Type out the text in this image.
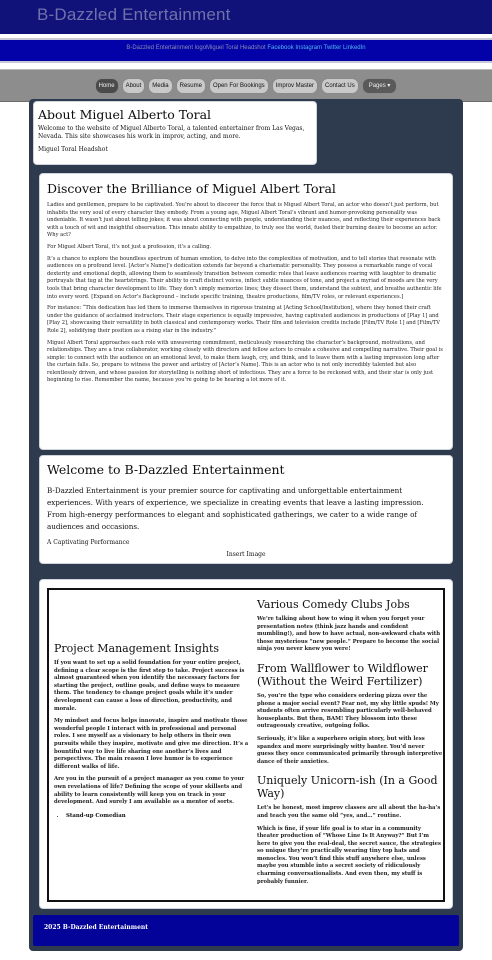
B-Dazzled Entertainment
B-Dazzled Entertainment logoMiguel Toral Headshot Facebook Instagram Twitter LinkedIn
Home	About	Media	Resume	Open For Bookings	Improv Master	Contact Us	Pages ▾
About Miguel Alberto Toral

Welcome to the website of Miguel Alberto Toral, a talented entertainer from Las Vegas, Nevada. This site showcases his work in improv, acting, and more.

Miguel Toral Headshot

Discover the Brilliance of Miguel Albert Toral

Ladies and gentlemen, prepare to be captivated. You’re about to discover the force that is Miguel Albert Toral, an actor who doesn’t just perform, but inhabits the very soul of every character they embody. From a young age, Miguel Albert Toral’s vibrant and humor-provoking personality was undeniable. It wasn’t just about telling jokes; it was about connecting with people, understanding their nuances, and reflecting their experiences back with a touch of wit and insightful observation. This innate ability to empathize, to truly see the world, fueled their burning desire to become an actor. Why act?

For Miguel Albert Toral, it’s not just a profession, it’s a calling.

It’s a chance to explore the boundless spectrum of human emotion, to delve into the complexities of motivation, and to tell stories that resonate with audiences on a profound level. [Actor’s Name]’s dedication extends far beyond a charismatic personality. They possess a remarkable range of vocal dexterity and emotional depth, allowing them to seamlessly transition between comedic roles that leave audiences roaring with laughter to dramatic portrayals that tug at the heartstrings. Their ability to craft distinct voices, inflect subtle nuances of tone, and project a myriad of moods are the very tools that bring character development to life. They don’t simply memorize lines; they dissect them, understand the subtext, and breathe authentic life into every word. [Expand on Actor’s Background – include specific training, theatre productions, film/TV roles, or relevant experiences.]

For instance: “This dedication has led them to immerse themselves in rigorous training at [Acting School/Institution], where they honed their craft under the guidance of acclaimed instructors. Their stage experience is equally impressive, having captivated audiences in productions of [Play 1] and [Play 2], showcasing their versatility in both classical and contemporary works. Their film and television credits include [Film/TV Role 1] and [Film/TV Role 2], solidifying their position as a rising star in the industry.”

Miguel Albert Toral approaches each role with unwavering commitment, meticulously researching the character’s background, motivations, and relationships. They are a true collaborator, working closely with directors and fellow actors to create a cohesive and compelling narrative. Their goal is simple: to connect with the audience on an emotional level, to make them laugh, cry, and think, and to leave them with a lasting impression long after the curtain falls. So, prepare to witness the power and artistry of [Actor’s Name]. This is an actor who is not only incredibly talented but also relentlessly driven, and whose passion for storytelling is nothing short of infectious. They are a force to be reckoned with, and their star is only just beginning to rise. Remember the name, because you’re going to be hearing a lot more of it.

Welcome to B-Dazzled Entertainment

B-Dazzled Entertainment is your premier source for captivating and unforgettable entertainment experiences. With years of experience, we specialize in creating events that leave a lasting impression. From high-energy performances to elegant and sophisticated gatherings, we cater to a wide range of audiences and occasions.

A Captivating Performance

Insert Image

Project Management Insights

If you want to set up a solid foundation for your entire project, defining a clear scope is the first step to take. Project success is almost guaranteed when you identify the necessary factors for starting the project, outline goals, and define ways to measure them. The tendency to change project goals while it’s under development can cause a loss of direction, productivity, and morale.

My mindset and focus helps innovate, inspire and motivate those wonderful people I interact with in professional and personal roles. I see myself as a visionary to help others in their own pursuits while they inspire, motivate and give me direction. It’s a bountiful way to live life sharing one another’s lives and perspectives. The main reason I love humor is to experience different walks of life.

Are you in the pursuit of a project manager as you come to your own revelations of life? Defining the scope of your skillsets and ability to learn consistently will keep you on track in your development. And surely I am available as a mentor of sorts.

• Stand-up Comedian
Various Comedy Clubs Jobs

We’re talking about how to wing it when you forget your presentation notes (think jazz hands and confident mumbling!), and how to have actual, non-awkward chats with those mysterious “new people.” Prepare to become the social ninja you never knew you were!

From Wallflower to Wildflower (Without the Weird Fertilizer)

So, you’re the type who considers ordering pizza over the phone a major social event? Fear not, my shy little spuds! My students often arrive resembling particularly well-behaved houseplants. But then, BAM! They blossom into these outrageously creative, outgoing folks.

Seriously, it’s like a superhero origin story, but with less spandex and more surprisingly witty banter. You’d never guess they once communicated primarily through interpretive dance of their anxieties.

Uniquely Unicorn-ish (In a Good Way)

Let’s be honest, most improv classes are all about the ha-ha’s and teach you the same old “yes, and…” routine.

Which is fine, if your life goal is to star in a community theater production of “Whose Line Is It Anyway?” But I’m here to give you the real-deal, the secret sauce, the strategies so unique they’re practically wearing tiny top hats and monocles. You won’t find this stuff anywhere else, unless maybe you stumble into a secret society of ridiculously charming conversationalists. And even then, my stuff is probably funnier.

2025 B-Dazzled Entertainment
